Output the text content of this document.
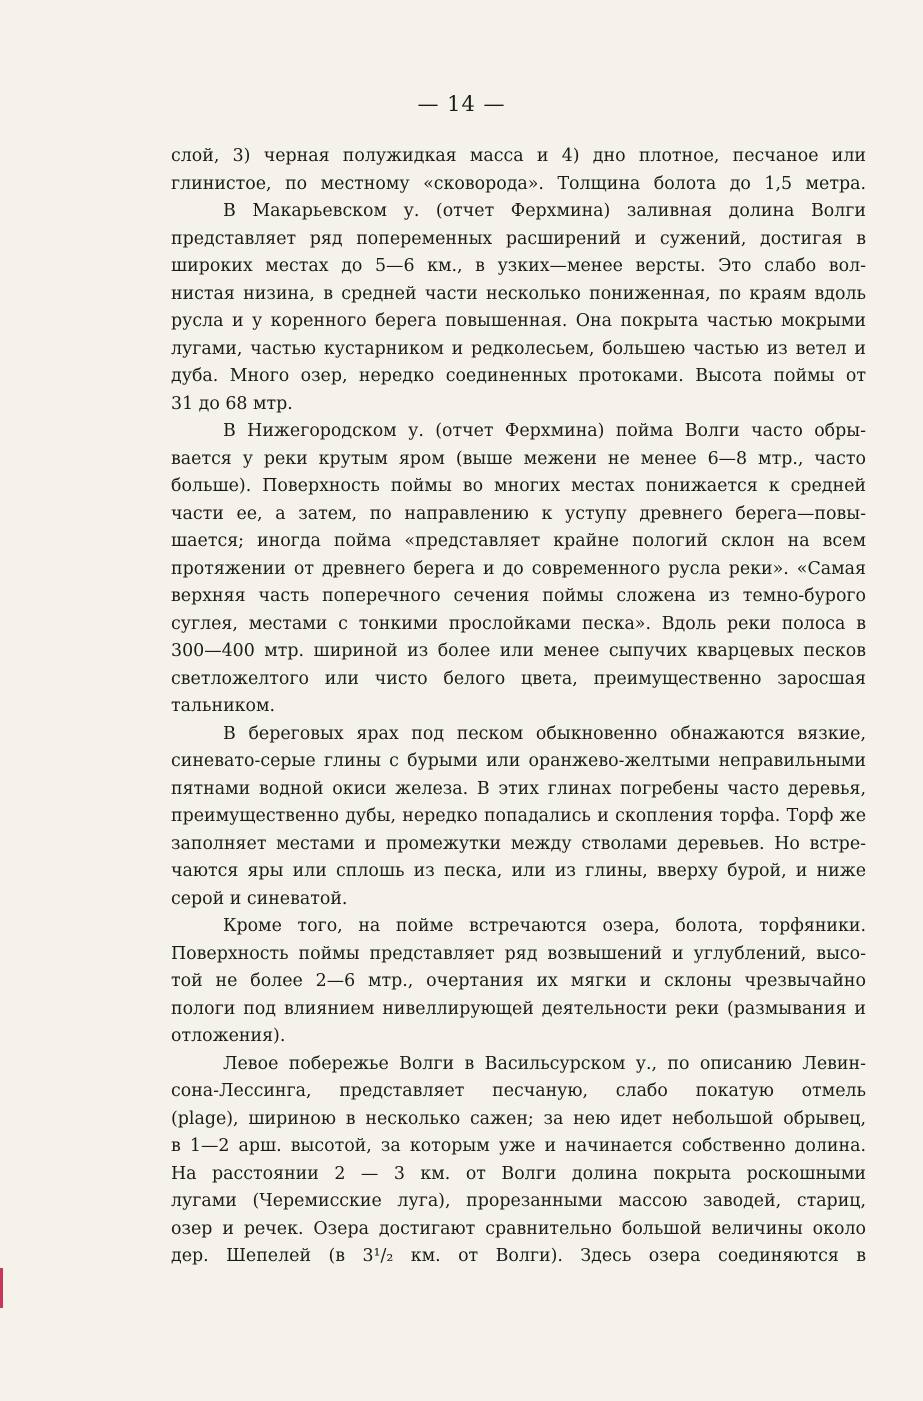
— 14 —
слой, 3) черная полужидкая масса и 4) дно плотное, песчаное или
глинистое, по местному «сковорода». Толщина болота до 1,5 метра.
В Макарьевском у. (отчет Ферхмина) заливная долина Волги
представляет ряд попеременных расширений и сужений, достигая в
широких местах до 5—6 км., в узких—менее версты. Это слабо вол-
нистая низина, в средней части несколько пониженная, по краям вдоль
русла и у коренного берега повышенная. Она покрыта частью мокрыми
лугами, частью кустарником и редколесьем, большею частью из ветел и
дуба. Много озер, нередко соединенных протоками. Высота поймы от
31 до 68 мтр.
В Нижегородском у. (отчет Ферхмина) пойма Волги часто обры-
вается у реки крутым яром (выше межени не менее 6—8 мтр., часто
больше). Поверхность поймы во многих местах понижается к средней
части ее, а затем, по направлению к уступу древнего берега—повы-
шается; иногда пойма «представляет крайне пологий склон на всем
протяжении от древнего берега и до современного русла реки». «Самая
верхняя часть поперечного сечения поймы сложена из темно-бурого
суглея, местами с тонкими прослойками песка». Вдоль реки полоса в
300—400 мтр. шириной из более или менее сыпучих кварцевых песков
светложелтого или чисто белого цвета, преимущественно заросшая
тальником.
В береговых ярах под песком обыкновенно обнажаются вязкие,
синевато-серые глины с бурыми или оранжево-желтыми неправильными
пятнами водной окиси железа. В этих глинах погребены часто деревья,
преимущественно дубы, нередко попадались и скопления торфа. Торф же
заполняет местами и промежутки между стволами деревьев. Но встре-
чаются яры или сплошь из песка, или из глины, вверху бурой, и ниже
серой и синеватой.
Кроме того, на пойме встречаются озера, болота, торфяники.
Поверхность поймы представляет ряд возвышений и углублений, высо-
той не более 2—6 мтр., очертания их мягки и склоны чрезвычайно
пологи под влиянием нивеллирующей деятельности реки (размывания и
отложения).
Левое побережье Волги в Васильсурском у., по описанию Левин-
сона-Лессинга, представляет песчаную, слабо покатую отмель
(plage), шириною в несколько сажен; за нею идет небольшой обрывец,
в 1—2 арш. высотой, за которым уже и начинается собственно долина.
На расстоянии 2 — 3 км. от Волги долина покрыта роскошными
лугами (Черемисские луга), прорезанными массою заводей, стариц,
озер и речек. Озера достигают сравнительно большой величины около
дер. Шепелей (в 3¹/₂ км. от Волги). Здесь озера соединяются в
